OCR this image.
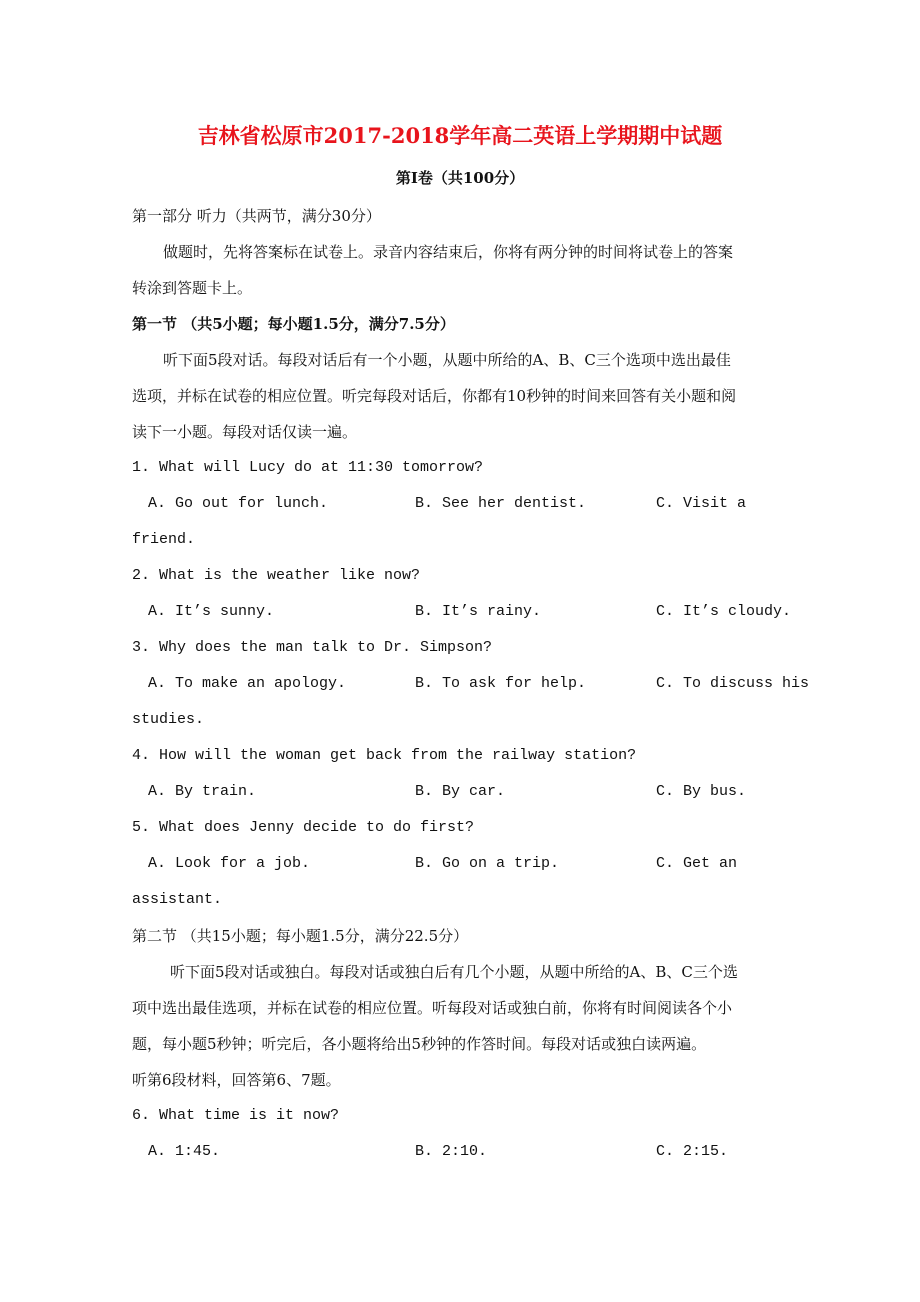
吉林省松原市2017-2018学年高二英语上学期期中试题
第Ⅰ卷（共100分）
第一部分 听力（共两节，满分30分）
做题时，先将答案标在试卷上。录音内容结束后，你将有两分钟的时间将试卷上的答案
转涂到答题卡上。
第一节 （共5小题；每小题1.5分，满分7.5分）
听下面5段对话。每段对话后有一个小题，从题中所给的A、B、C三个选项中选出最佳
选项，并标在试卷的相应位置。听完每段对话后，你都有10秒钟的时间来回答有关小题和阅
读下一小题。每段对话仅读一遍。
1. What will Lucy do at 11:30 tomorrow?
A. Go out for lunch.	B. See her dentist.	C. Visit a
friend.
2. What is the weather like now?
A. It’s sunny.	B. It’s rainy.	C. It’s cloudy.
3. Why does the man talk to Dr. Simpson?
A. To make an apology.	B. To ask for help.	C. To discuss his
studies.
4. How will the woman get back from the railway station?
A. By train.	B. By car.	C. By bus.
5. What does Jenny decide to do first?
A. Look for a job.	B. Go on a trip.	C. Get an
assistant.
第二节 （共15小题；每小题1.5分，满分22.5分）
听下面5段对话或独白。每段对话或独白后有几个小题，从题中所给的A、B、C三个选
项中选出最佳选项，并标在试卷的相应位置。听每段对话或独白前，你将有时间阅读各个小
题，每小题5秒钟；听完后，各小题将给出5秒钟的作答时间。每段对话或独白读两遍。
听第6段材料，回答第6、7题。
6. What time is it now?
A. 1:45.	B. 2:10.	C. 2:15.
